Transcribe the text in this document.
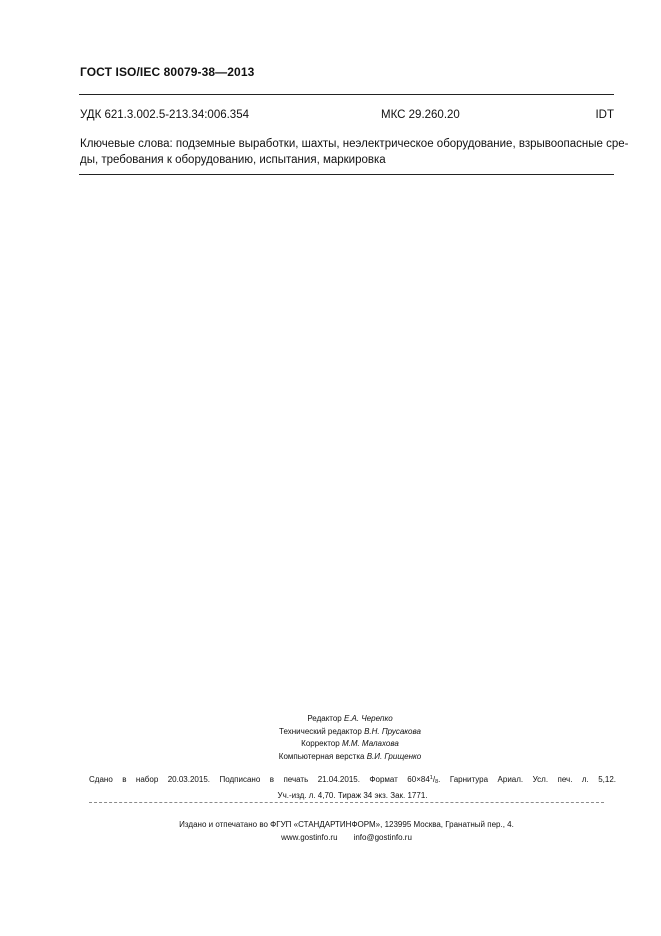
ГОСТ ISO/IEC 80079-38—2013
УДК 621.3.002.5-213.34:006.354	МКС 29.260.20	IDT
Ключевые слова: подземные выработки, шахты, неэлектрическое оборудование, взрывоопасные сре-
ды, требования к оборудованию, испытания, маркировка
Редактор Е.А. Черепко
Технический редактор В.Н. Прусакова
Корректор М.М. Малахова
Компьютерная верстка В.И. Грищенко
Сдано в набор 20.03.2015. Подписано в печать 21.04.2015. Формат $60\times 84^1/_8$. Гарнитура Ариал. Усл. печ. л. 5,12.
Уч.-изд. л. 4,70. Тираж 34 экз. Зак. 1771.
Издано и отпечатано во ФГУП «СТАНДАРТИНФОРМ», 123995 Москва, Гранатный пер., 4.
www.gostinfo.ru info@gostinfo.ru
